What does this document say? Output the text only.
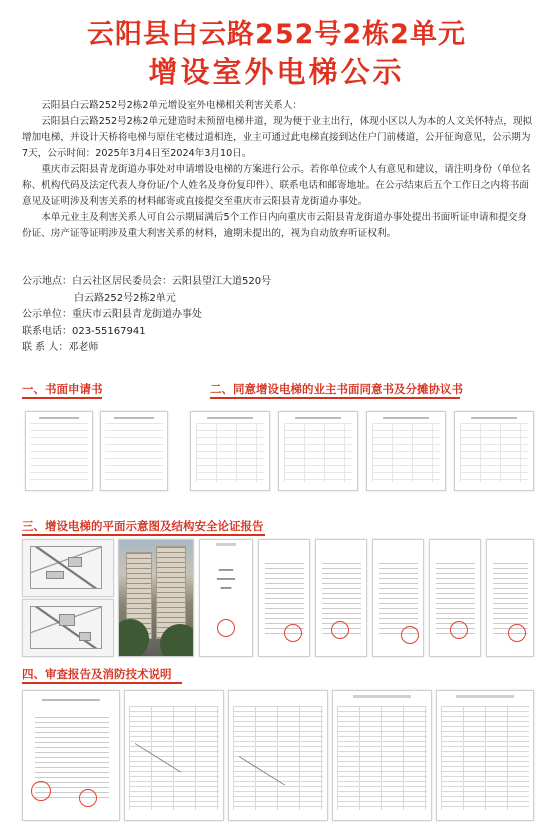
云阳县白云路252号2栋2单元
增设室外电梯公示

云阳县白云路252号2栋2单元增设室外电梯相关利害关系人：

云阳县白云路252号2栋2单元建造时未预留电梯井道，现为便于业主出行，体现小区以人为本的人文关怀特点，现拟增加电梯，并设计天桥将电梯与原住宅楼过道相连，业主可通过此电梯直接到达住户门前楼道，公开征询意见，公示期为7天，公示时间：2025年3月4日至2024年3月10日。

重庆市云阳县青龙街道办事处对申请增设电梯的方案进行公示。若你单位或个人有意见和建议，请注明身份（单位名称、机构代码及法定代表人身份证/个人姓名及身份复印件）、联系电话和邮寄地址。在公示结束后五个工作日之内将书面意见及证明涉及利害关系的材料邮寄或直接提交至重庆市云阳县青龙街道办事处。

本单元业主及利害关系人可自公示期届满后5个工作日内向重庆市云阳县青龙街道办事处提出书面听证申请和提交身份证、房产证等证明涉及重大利害关系的材料，逾期未提出的，视为自动放弃听证权利。

公示地点：白云社区居民委员会：云阳县望江大道520号
白云路252号2栋2单元
公示单位：重庆市云阳县青龙街道办事处
联系电话：023-55167941
联 系 人：邓老师
一、书面申请书	二、同意增设电梯的业主书面同意书及分摊协议书
三、增设电梯的平面示意图及结构安全论证报告
━━━━
━━━━━
━━━
四、审查报告及消防技术说明
